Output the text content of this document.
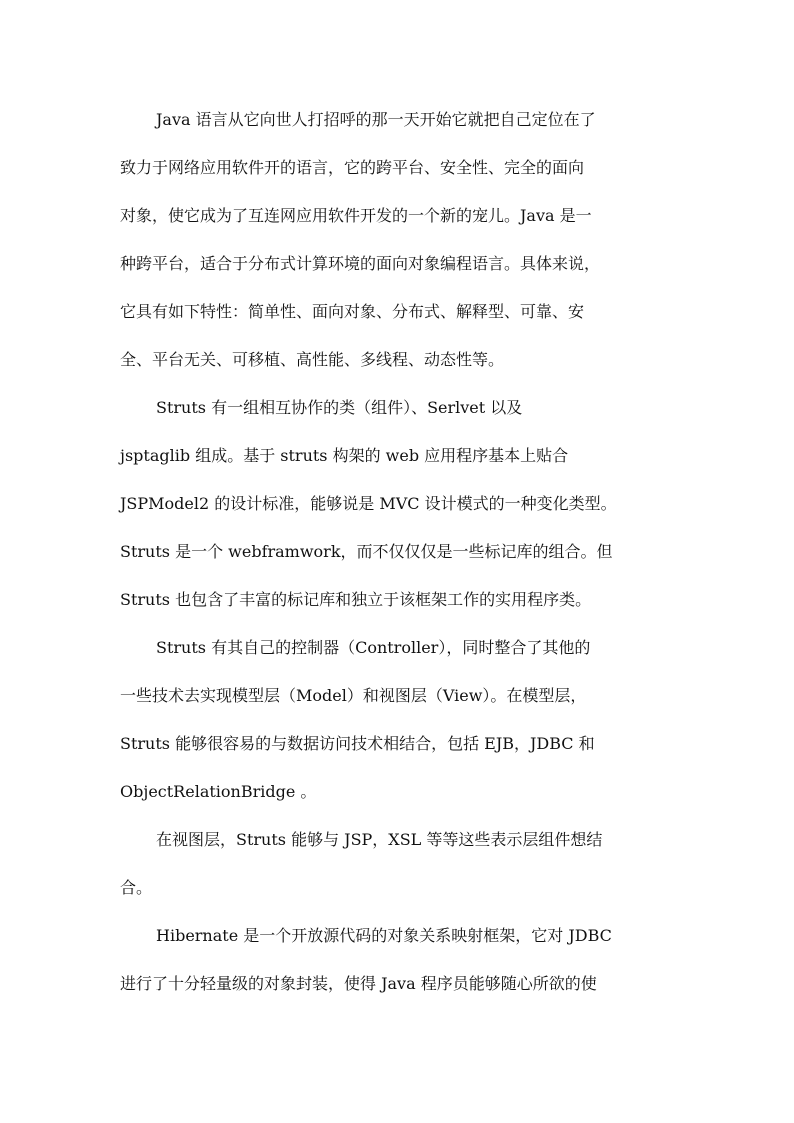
Java 语言从它向世人打招呼的那一天开始它就把自己定位在了
致力于网络应用软件开的语言，它的跨平台、安全性、完全的面向
对象，使它成为了互连网应用软件开发的一个新的宠儿。Java 是一
种跨平台，适合于分布式计算环境的面向对象编程语言。具体来说，
它具有如下特性：简单性、面向对象、分布式、解释型、可靠、安
全、平台无关、可移植、高性能、多线程、动态性等。
Struts 有一组相互协作的类（组件）、Serlvet 以及
jsptaglib 组成。基于 struts 构架的 web 应用程序基本上贴合
JSPModel2 的设计标准，能够说是 MVC 设计模式的一种变化类型。
Struts 是一个 webframwork，而不仅仅仅是一些标记库的组合。但
Struts 也包含了丰富的标记库和独立于该框架工作的实用程序类。
Struts 有其自己的控制器（Controller），同时整合了其他的
一些技术去实现模型层（Model）和视图层（View）。在模型层，
Struts 能够很容易的与数据访问技术相结合，包括 EJB，JDBC 和
ObjectRelationBridge 。
在视图层，Struts 能够与 JSP，XSL 等等这些表示层组件想结
合。
Hibernate 是一个开放源代码的对象关系映射框架，它对 JDBC
进行了十分轻量级的对象封装，使得 Java 程序员能够随心所欲的使
